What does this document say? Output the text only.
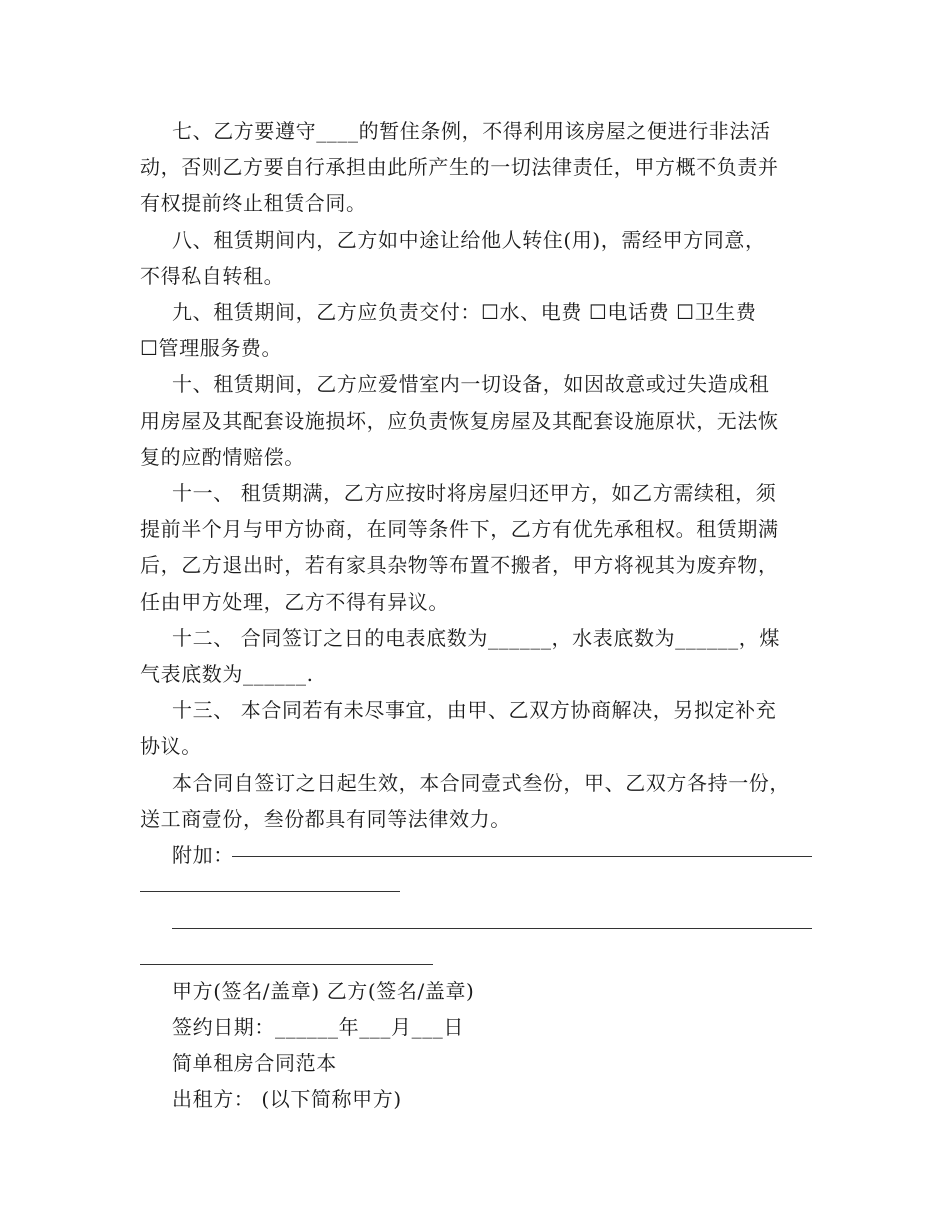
七、乙方要遵守____的暂住条例，不得利用该房屋之便进行非法活
动，否则乙方要自行承担由此所产生的一切法律责任，甲方概不负责并
有权提前终止租赁合同。
八、租赁期间内，乙方如中途让给他人转住(用)，需经甲方同意，
不得私自转租。
九、租赁期间，乙方应负责交付：☐水、电费 ☐电话费 ☐卫生费
☐管理服务费。
十、租赁期间，乙方应爱惜室内一切设备，如因故意或过失造成租
用房屋及其配套设施损坏，应负责恢复房屋及其配套设施原状，无法恢
复的应酌情赔偿。
十一、 租赁期满，乙方应按时将房屋归还甲方，如乙方需续租，须
提前半个月与甲方协商，在同等条件下，乙方有优先承租权。租赁期满
后，乙方退出时，若有家具杂物等布置不搬者，甲方将视其为废弃物，
任由甲方处理，乙方不得有异议。
十二、 合同签订之日的电表底数为______，水表底数为______，煤
气表底数为______.
十三、 本合同若有未尽事宜，由甲、乙双方协商解决，另拟定补充
协议。
本合同自签订之日起生效，本合同壹式叁份，甲、乙双方各持一份，
送工商壹份，叁份都具有同等法律效力。
附加：
甲方(签名/盖章) 乙方(签名/盖章)
签约日期：______年___月___日
简单租房合同范本
出租方： (以下简称甲方)
